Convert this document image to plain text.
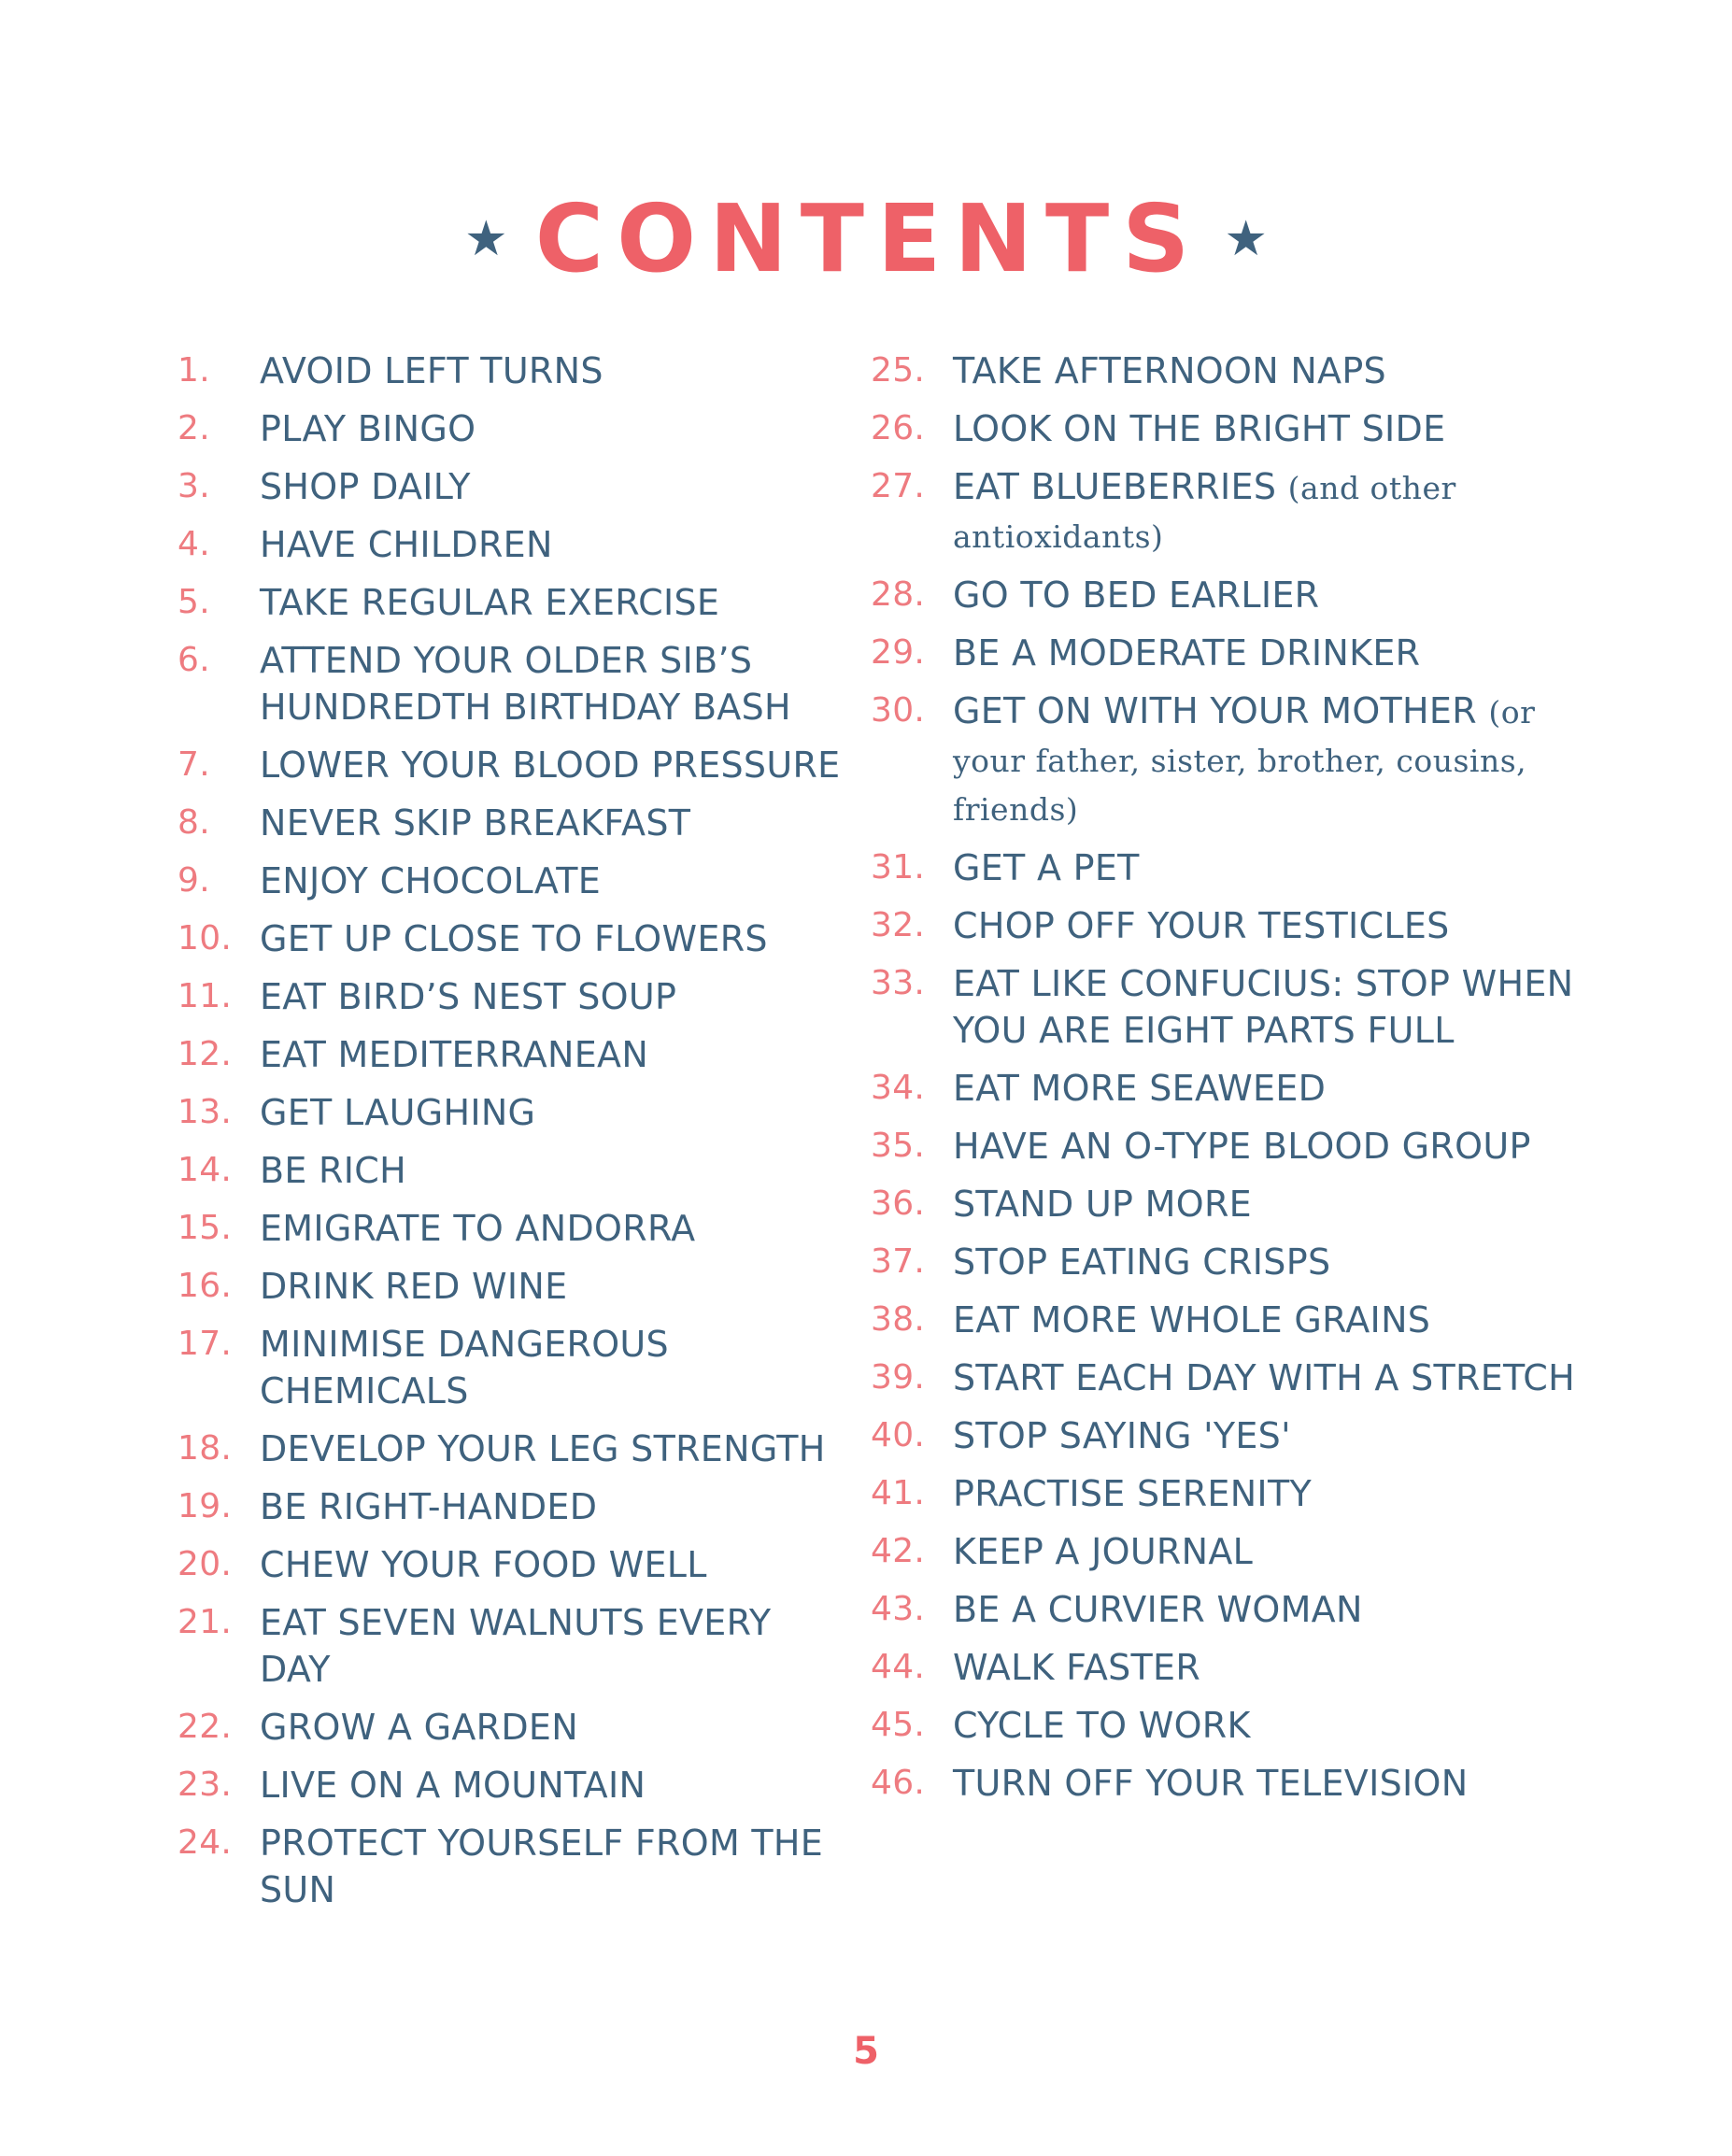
★ CONTENTS ★
1.	AVOID LEFT TURNS
2.	PLAY BINGO
3.	SHOP DAILY
4.	HAVE CHILDREN
5.	TAKE REGULAR EXERCISE
6.	ATTEND YOUR OLDER SIB’S HUNDREDTH BIRTHDAY BASH
7.	LOWER YOUR BLOOD PRESSURE
8.	NEVER SKIP BREAKFAST
9.	ENJOY CHOCOLATE
10. GET UP CLOSE TO FLOWERS
11. EAT BIRD’S NEST SOUP
12. EAT MEDITERRANEAN
13. GET LAUGHING
14. BE RICH
15. EMIGRATE TO ANDORRA
16. DRINK RED WINE
17. MINIMISE DANGEROUS CHEMICALS
18. DEVELOP YOUR LEG STRENGTH
19. BE RIGHT-HANDED
20. CHEW YOUR FOOD WELL
21. EAT SEVEN WALNUTS EVERY DAY
22. GROW A GARDEN
23. LIVE ON A MOUNTAIN
24. PROTECT YOURSELF FROM THE SUN
25. TAKE AFTERNOON NAPS
26. LOOK ON THE BRIGHT SIDE
27. EAT BLUEBERRIES (and other antioxidants)
28. GO TO BED EARLIER
29. BE A MODERATE DRINKER
30. GET ON WITH YOUR MOTHER (or your father, sister, brother, cousins, friends)
31. GET A PET
32. CHOP OFF YOUR TESTICLES
33. EAT LIKE CONFUCIUS: STOP WHEN YOU ARE EIGHT PARTS FULL
34. EAT MORE SEAWEED
35. HAVE AN O-TYPE BLOOD GROUP
36. STAND UP MORE
37. STOP EATING CRISPS
38. EAT MORE WHOLE GRAINS
39. START EACH DAY WITH A STRETCH
40. STOP SAYING 'YES'
41. PRACTISE SERENITY
42. KEEP A JOURNAL
43. BE A CURVIER WOMAN
44. WALK FASTER
45. CYCLE TO WORK
46. TURN OFF YOUR TELEVISION
5
